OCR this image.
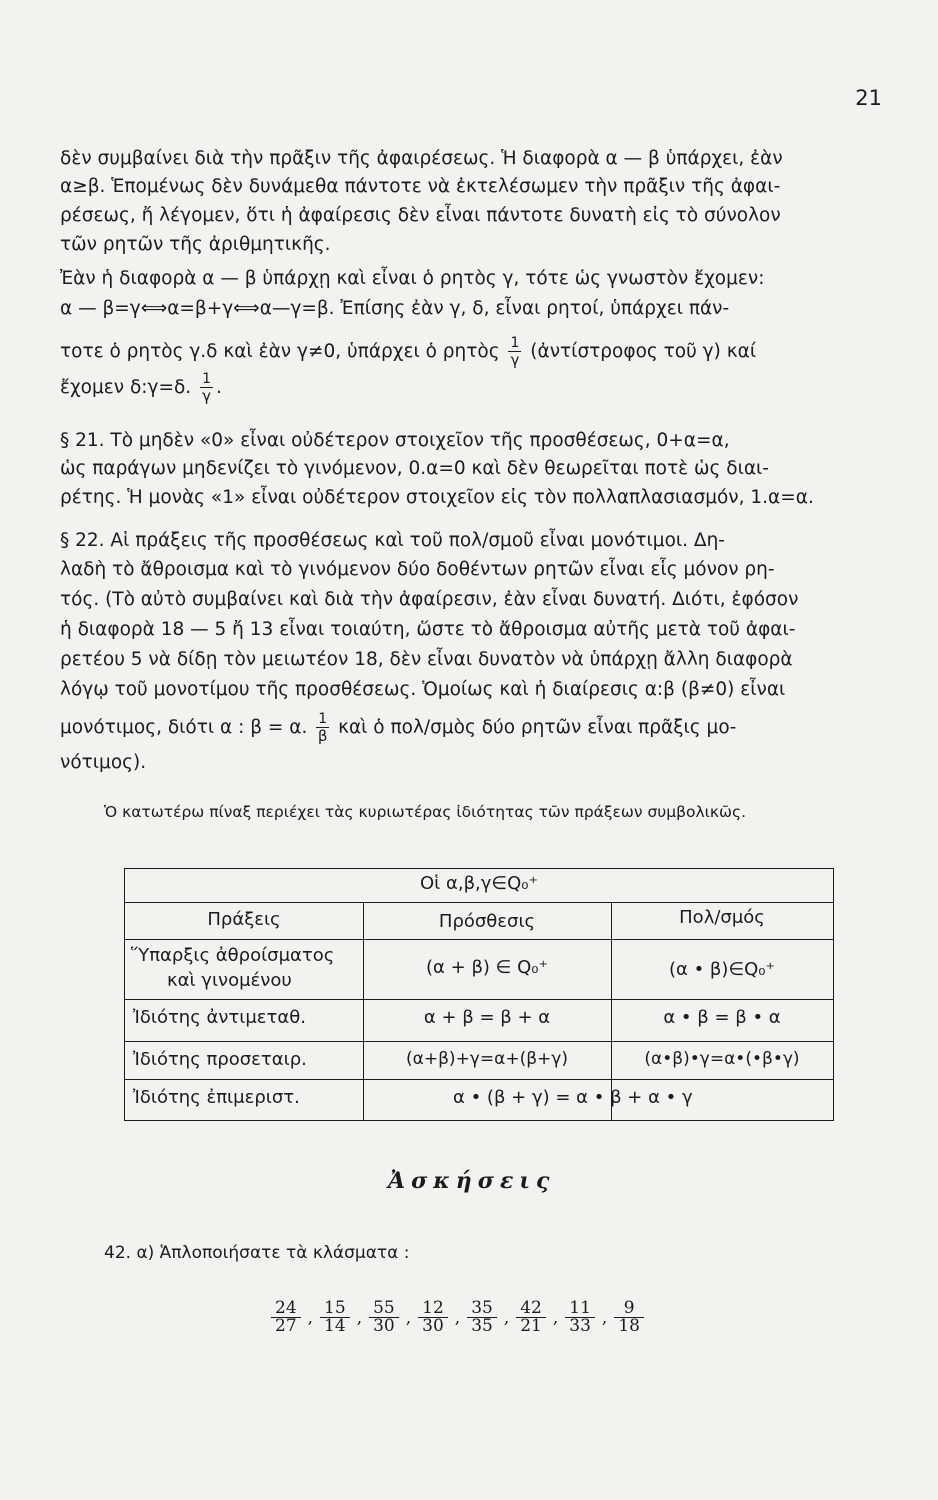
21
δὲν συμβαίνει διὰ τὴν πρᾶξιν τῆς ἀφαιρέσεως. Ἡ διαφορὰ α — β ὑπάρχει, ἐὰν
α≥β. Ἑπομένως δὲν δυνάμεθα πάντοτε νὰ ἐκτελέσωμεν τὴν πρᾶξιν τῆς ἀφαι-
ρέσεως, ἤ λέγομεν, ὅτι ἡ ἀφαίρεσις δὲν εἶναι πάντοτε δυνατὴ εἰς τὸ σύνολον
τῶν ρητῶν τῆς ἀριθμητικῆς.
Ἐὰν ἡ διαφορὰ α — β ὑπάρχῃ καὶ εἶναι ὁ ρητὸς γ, τότε ὡς γνωστὸν ἔχομεν:
α — β=γ⟺α=β+γ⟺α—γ=β. Ἐπίσης ἐὰν γ, δ, εἶναι ρητοί, ὑπάρχει πάν-
τοτε ὁ ρητὸς γ.δ καὶ ἐὰν γ≠0, ὑπάρχει ὁ ρητὸς $\frac{1}{\gamma}$ (ἀντίστροφος τοῦ γ) καί
ἔχομεν δ:γ=δ. $\frac{1}{\gamma}$ .
§ 21. Τὸ μηδὲν «0» εἶναι οὐδέτερον στοιχεῖον τῆς προσθέσεως, 0+α=α,
ὡς παράγων μηδενίζει τὸ γινόμενον, 0.α=0 καὶ δὲν θεωρεῖται ποτὲ ὡς διαι-
ρέτης. Ἡ μονὰς «1» εἶναι οὐδέτερον στοιχεῖον εἰς τὸν πολλαπλασιασμόν, 1.α=α.
§ 22. Αἱ πράξεις τῆς προσθέσεως καὶ τοῦ πολ/σμοῦ εἶναι μονότιμοι. Δη-
λαδὴ τὸ ἄθροισμα καὶ τὸ γινόμενον δύο δοθέντων ρητῶν εἶναι εἷς μόνον ρη-
τός. (Τὸ αὐτὸ συμβαίνει καὶ διὰ τὴν ἀφαίρεσιν, ἐὰν εἶναι δυνατή. Διότι, ἐφόσον
ἡ διαφορὰ 18 — 5 ἤ 13 εἶναι τοιαύτη, ὥστε τὸ ἄθροισμα αὐτῆς μετὰ τοῦ ἀφαι-
ρετέου 5 νὰ δίδῃ τὸν μειωτέον 18, δὲν εἶναι δυνατὸν νὰ ὑπάρχῃ ἄλλη διαφορὰ
λόγῳ τοῦ μονοτίμου τῆς προσθέσεως. Ὁμοίως καὶ ἡ διαίρεσις α:β (β≠0) εἶναι
μονότιμος, διότι α : β = α. $\frac{1}{\beta}$ καὶ ὁ πολ/σμὸς δύο ρητῶν εἶναι πρᾶξις μο-
νότιμος).
Ὁ κατωτέρω πίναξ περιέχει τὰς κυριωτέρας ἰδιότητας τῶν πράξεων συμβολικῶς.
Οἱ α,β,γ∈Q₀⁺
Πράξεις	Πρόσθεσις	Πολ/σμός
Ὕπαρξις ἀθροίσματος
καὶ γινομένου
(α + β) ∈ Q₀⁺	(α • β)∈Q₀⁺
Ἰδιότης ἀντιμεταθ.	α + β = β + α	α • β = β • α
Ἰδιότης προσεταιρ.	(α+β)+γ=α+(β+γ)	(α•β)•γ=α•(•β•γ)
Ἰδιότης ἐπιμεριστ.	α • (β + γ) = α • β + α • γ
Ἀσκήσεις
42. α) Ἁπλοποιήσατε τὰ κλάσματα :
$\frac{24}{27}$ , $\frac{15}{14}$ , $\frac{55}{30}$ , $\frac{12}{30}$ , $\frac{35}{35}$ , $\frac{42}{21}$ , $\frac{11}{33}$ , $\frac{9}{18}$
